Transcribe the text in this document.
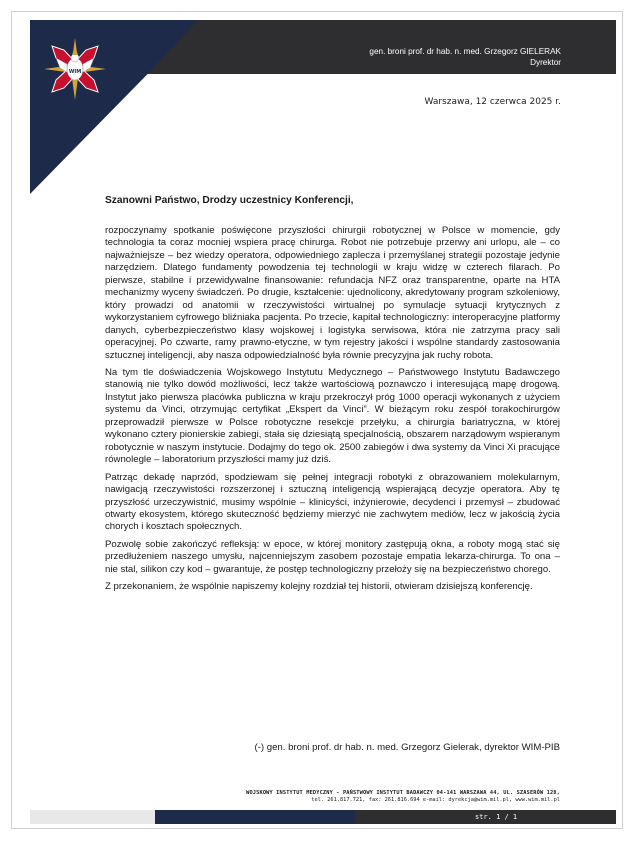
WIM
gen. broni prof. dr hab. n. med. Grzegorz GIELERAK
Dyrektor
Warszawa, 12 czerwca 2025 r.
Szanowni Państwo, Drodzy uczestnicy Konferencji,

rozpoczynamy spotkanie poświęcone przyszłości chirurgii robotycznej w Polsce w momencie, gdy technologia ta coraz mocniej wspiera pracę chirurga. Robot nie potrzebuje przerwy ani urlopu, ale – co najważniejsze – bez wiedzy operatora, odpowiedniego zaplecza i przemyślanej strategii pozostaje jedynie narzędziem. Dlatego fundamenty powodzenia tej technologii w kraju widzę w czterech filarach. Po pierwsze, stabilne i przewidywalne finansowanie: refundacja NFZ oraz transparentne, oparte na HTA mechanizmy wyceny świadczeń. Po drugie, kształcenie: ujednolicony, akredytowany program szkoleniowy, który prowadzi od anatomii w rzeczywistości wirtualnej po symulacje sytuacji krytycznych z wykorzystaniem cyfrowego bliźniaka pacjenta. Po trzecie, kapitał technologiczny: interoperacyjne platformy danych, cyberbezpieczeństwo klasy wojskowej i logistyka serwisowa, która nie zatrzyma pracy sali operacyjnej. Po czwarte, ramy prawno-etyczne, w tym rejestry jakości i wspólne standardy zastosowania sztucznej inteligencji, aby nasza odpowiedzialność była równie precyzyjna jak ruchy robota.

Na tym tle doświadczenia Wojskowego Instytutu Medycznego – Państwowego Instytutu Badawczego stanowią nie tylko dowód możliwości, lecz także wartościową poznawczo i interesującą mapę drogową. Instytut jako pierwsza placówka publiczna w kraju przekroczył próg 1000 operacji wykonanych z użyciem systemu da Vinci, otrzymując certyfikat „Ekspert da Vinci”. W bieżącym roku zespół torakochirurgów przeprowadził pierwsze w Polsce robotyczne resekcje przełyku, a chirurgia bariatryczna, w której wykonano cztery pionierskie zabiegi, stała się dziesiątą specjalnością, obszarem narządowym wspieranym robotycznie w naszym instytucie. Dodajmy do tego ok. 2500 zabiegów i dwa systemy da Vinci Xi pracujące równolegle – laboratorium przyszłości mamy już dziś.

Patrząc dekadę naprzód, spodziewam się pełnej integracji robotyki z obrazowaniem molekularnym, nawigacją rzeczywistości rozszerzonej i sztuczną inteligencją wspierającą decyzje operatora. Aby tę przyszłość urzeczywistnić, musimy wspólnie – klinicyści, inżynierowie, decydenci i przemysł – zbudować otwarty ekosystem, którego skuteczność będziemy mierzyć nie zachwytem mediów, lecz w jakością życia chorych i kosztach społecznych.

Pozwolę sobie zakończyć refleksją: w epoce, w której monitory zastępują okna, a roboty mogą stać się przedłużeniem naszego umysłu, najcenniejszym zasobem pozostaje empatia lekarza-chirurga. To ona – nie stal, silikon czy kod – gwarantuje, że postęp technologiczny przełoży się na bezpieczeństwo chorego.

Z przekonaniem, że wspólnie napiszemy kolejny rozdział tej historii, otwieram dzisiejszą konferencję.

(-) gen. broni prof. dr hab. n. med. Grzegorz Gielerak, dyrektor WIM-PIB
WOJSKOWY INSTYTUT MEDYCZNY - PAŃSTWOWY INSTYTUT BADAWCZY 04-141 WARSZAWA 44, UL. SZASERÓW 128,
tel. 261.817.721, fax: 261.816.694 e-mail: dyrekcja@wim.mil.pl, www.wim.mil.pl
str. 1 / 1
